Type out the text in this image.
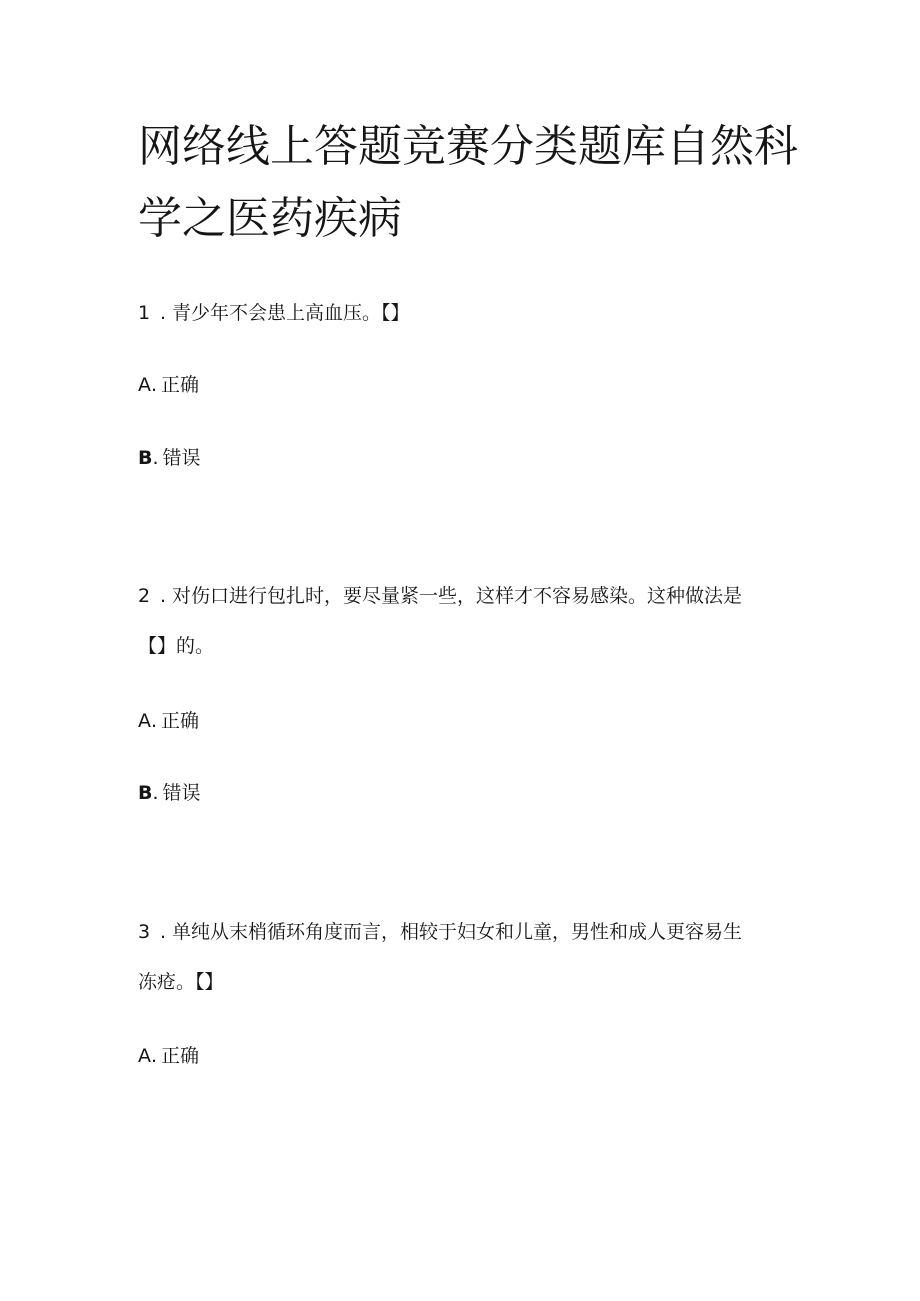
网络线上答题竞赛分类题库自然科
学之医药疾病
1 . 青少年不会患上高血压。【】
A. 正确
B. 错误
2 . 对伤口进行包扎时，要尽量紧一些，这样才不容易感染。这种做法是
【】的。
A. 正确
B. 错误
3 . 单纯从末梢循环角度而言，相较于妇女和儿童，男性和成人更容易生
冻疮。【】
A. 正确
